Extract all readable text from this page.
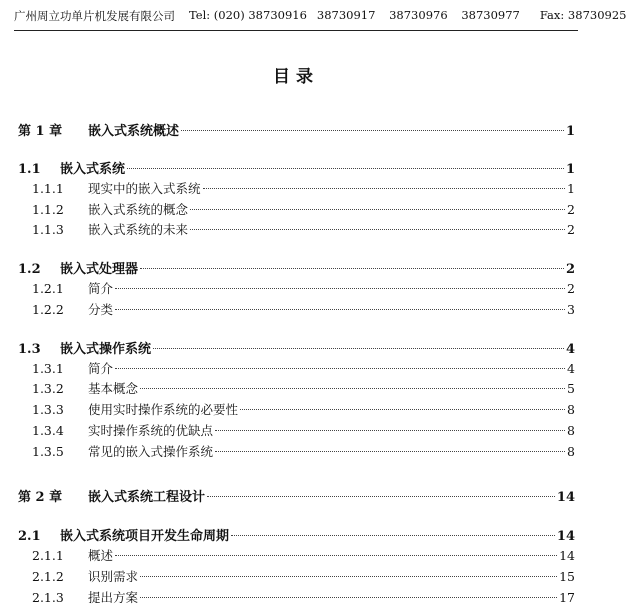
广州周立功单片机发展有限公司 Tel: (020) 38730916 38730917 38730976 38730977 Fax: 38730925
目录
第 1 章	嵌入式系统概述	1
1.1	嵌入式系统	1
1.1.1	现实中的嵌入式系统	1
1.1.2	嵌入式系统的概念	2
1.1.3	嵌入式系统的未来	2
1.2	嵌入式处理器	2
1.2.1	简介	2
1.2.2	分类	3
1.3	嵌入式操作系统	4
1.3.1	简介	4
1.3.2	基本概念	5
1.3.3	使用实时操作系统的必要性	8
1.3.4	实时操作系统的优缺点	8
1.3.5	常见的嵌入式操作系统	8
第 2 章	嵌入式系统工程设计	14
2.1	嵌入式系统项目开发生命周期	14
2.1.1	概述	14
2.1.2	识别需求	15
2.1.3	提出方案	17
